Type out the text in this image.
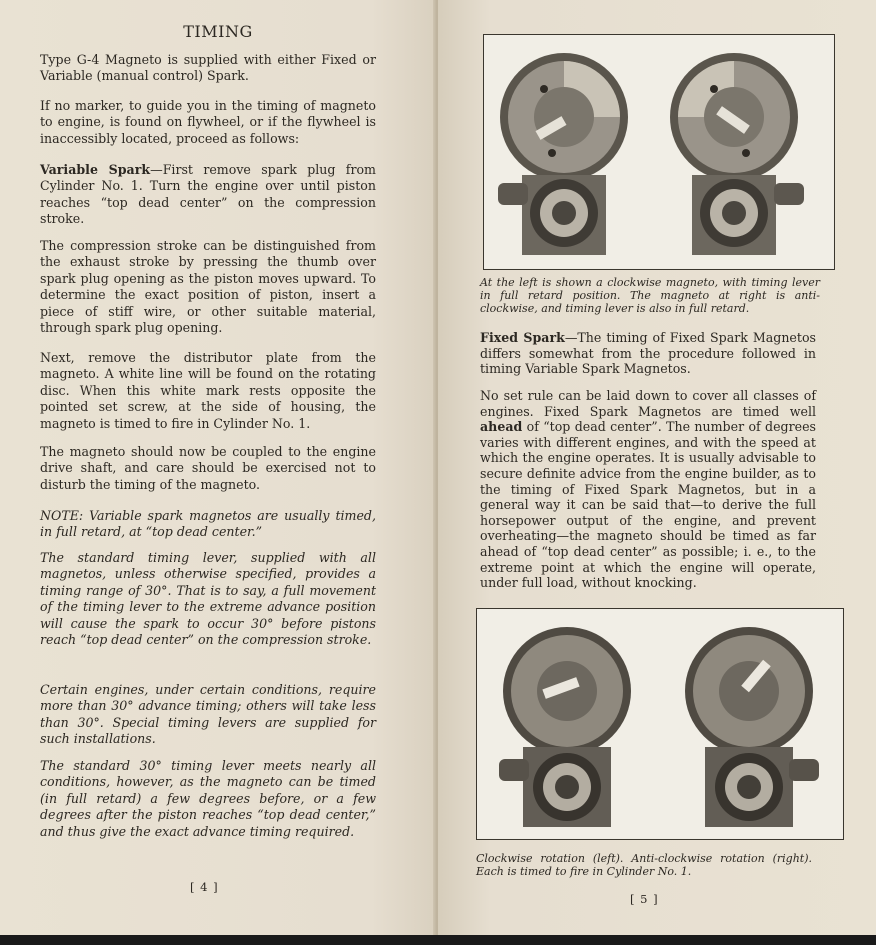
TIMING

Type G-4 Magneto is supplied with either Fixed or Variable (manual control) Spark.

If no marker, to guide you in the timing of magneto to engine, is found on flywheel, or if the flywheel is inaccessibly located, proceed as follows:

Variable Spark—First remove spark plug from Cylinder No. 1. Turn the engine over until piston reaches “top dead center” on the compression stroke.

The compression stroke can be distinguished from the exhaust stroke by pressing the thumb over spark plug opening as the piston moves upward. To determine the exact position of piston, insert a piece of stiff wire, or other suitable material, through spark plug opening.

Next, remove the distributor plate from the magneto. A white line will be found on the rotating disc. When this white mark rests opposite the pointed set screw, at the side of housing, the magneto is timed to fire in Cylinder No. 1.

The magneto should now be coupled to the engine drive shaft, and care should be exercised not to disturb the timing of the magneto.

NOTE: Variable spark magnetos are usually timed, in full retard, at “top dead center.”

The standard timing lever, supplied with all magnetos, unless otherwise specified, provides a timing range of 30°. That is to say, a full movement of the timing lever to the extreme advance position will cause the spark to occur 30° before pistons reach “top dead center” on the compression stroke.

Certain engines, under certain conditions, require more than 30° advance timing; others will take less than 30°. Special timing levers are supplied for such installations.

The standard 30° timing lever meets nearly all conditions, however, as the magneto can be timed (in full retard) a few degrees before, or a few degrees after the piston reaches “top dead center,” and thus give the exact advance timing required.

[ 4 ]

At the left is shown a clockwise magneto, with timing lever in full retard position. The magneto at right is anti-clockwise, and timing lever is also in full retard.

Fixed Spark—The timing of Fixed Spark Magnetos differs somewhat from the procedure followed in timing Variable Spark Magnetos.

No set rule can be laid down to cover all classes of engines. Fixed Spark Magnetos are timed well ahead of “top dead center”. The number of degrees varies with different engines, and with the speed at which the engine operates. It is usually advisable to secure definite advice from the engine builder, as to the timing of Fixed Spark Magnetos, but in a general way it can be said that—to derive the full horsepower output of the engine, and prevent overheating—the magneto should be timed as far ahead of “top dead center” as possible; i. e., to the extreme point at which the engine will operate, under full load, without knocking.

Clockwise rotation (left). Anti-clockwise rotation (right). Each is timed to fire in Cylinder No. 1.

[ 5 ]
